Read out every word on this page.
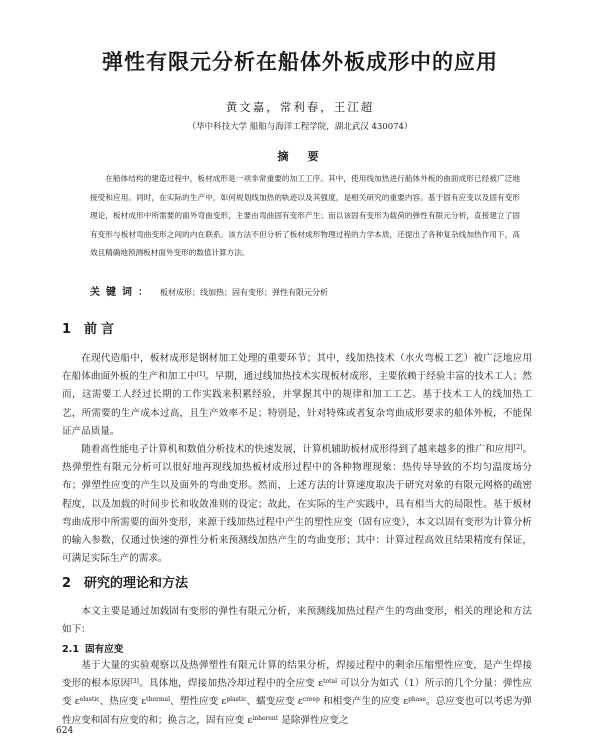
弹性有限元分析在船体外板成形中的应用
黄文嘉，常利春，王江超
（华中科技大学 船舶与海洋工程学院，湖北武汉 430074）
摘　要

在船体结构的建造过程中，板材成形是一项非常重要的加工工序。其中，使用线加热进行船体外板的曲面成形已经被广泛地接受和应用。同时，在实际的生产中，如何规划线加热的轨迹以及其强度，是相关研究的重要内容。基于固有应变以及固有变形理论，板材成形中所需要的面外弯曲变形，主要由弯曲固有变形产生；而以该固有变形为载荷的弹性有限元分析，直接建立了固有变形与板材弯曲变形之间的内在联系。该方法不但分析了板材成形物理过程的力学本质，还提出了各种复杂线加热作用下，高效且精确地预测板材面外变形的数值计算方法。

关键词： 板材成形；线加热；固有变形；弹性有限元分析

1 前言

在现代造船中，板材成形是钢材加工处理的重要环节；其中，线加热技术（水火弯板工艺）被广泛地应用在船体曲面外板的生产和加工中[1]。早期，通过线加热技术实现板材成形，主要依赖于经验丰富的技术工人；然而，这需要工人经过长期的工作实践来积累经验，并掌握其中的规律和加工工艺。基于技术工人的线加热工艺，所需要的生产成本过高，且生产效率不足；特别是，针对特殊或者复杂弯曲成形要求的船体外板，不能保证产品质量。

随着高性能电子计算机和数值分析技术的快速发展，计算机辅助板材成形得到了越来越多的推广和应用[2]。热弹塑性有限元分析可以很好地再现线加热板材成形过程中的各种物理现象：热传导导致的不均匀温度场分布；弹塑性应变的产生以及面外的弯曲变形。然而，上述方法的计算速度取决于研究对象的有限元网格的疏密程度，以及加载的时间步长和收敛准则的设定；故此，在实际的生产实践中，具有相当大的局限性。基于板材弯曲成形中所需要的面外变形，来源于线加热过程中产生的塑性应变（固有应变），本文以固有变形为计算分析的输入参数，仅通过快速的弹性分析来预测线加热产生的弯曲变形；其中：计算过程高效且结果精度有保证，可满足实际生产的需求。

2 研究的理论和方法

本文主要是通过加载固有变形的弹性有限元分析，来预测线加热过程产生的弯曲变形，相关的理论和方法如下：

2.1 固有应变

基于大量的实验观察以及热弹塑性有限元计算的结果分析，焊接过程中的剩余压缩塑性应变，是产生焊接变形的根本原因[3]。具体地，焊接加热冷却过程中的全应变 $\varepsilon^{total}$ 可以分为如式（1）所示的几个分量：弹性应变 $\varepsilon^{elastic}$、热应变 $\varepsilon^{thermal}$、塑性应变 $\varepsilon^{plastic}$、蠕变应变 $\varepsilon^{creep}$ 和相变产生的应变 $\varepsilon^{phase}$。总应变也可以考虑为弹性应变和固有应变的和；换言之，固有应变 $\varepsilon^{inherent}$ 是除弹性应变之

624
